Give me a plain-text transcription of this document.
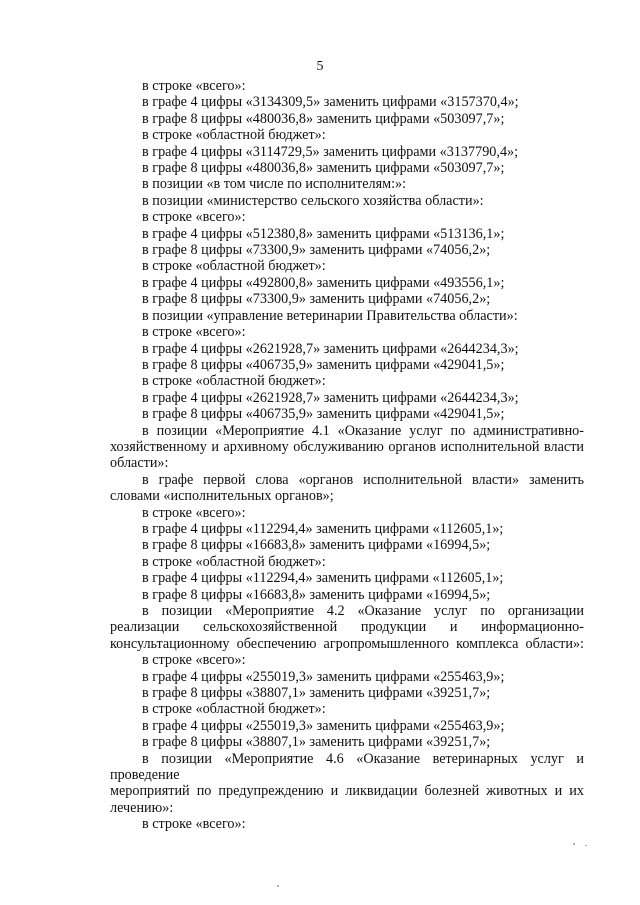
5

в строке «всего»:

в графе 4 цифры «3134309,5» заменить цифрами «3157370,4»;

в графе 8 цифры «480036,8» заменить цифрами «503097,7»;

в строке «областной бюджет»:

в графе 4 цифры «3114729,5» заменить цифрами «3137790,4»;

в графе 8 цифры «480036,8» заменить цифрами «503097,7»;

в позиции «в том числе по исполнителям:»:

в позиции «министерство сельского хозяйства области»:

в строке «всего»:

в графе 4 цифры «512380,8» заменить цифрами «513136,1»;

в графе 8 цифры «73300,9» заменить цифрами «74056,2»;

в строке «областной бюджет»:

в графе 4 цифры «492800,8» заменить цифрами «493556,1»;

в графе 8 цифры «73300,9» заменить цифрами «74056,2»;

в позиции «управление ветеринарии Правительства области»:

в строке «всего»:

в графе 4 цифры «2621928,7» заменить цифрами «2644234,3»;

в графе 8 цифры «406735,9» заменить цифрами «429041,5»;

в строке «областной бюджет»:

в графе 4 цифры «2621928,7» заменить цифрами «2644234,3»;

в графе 8 цифры «406735,9» заменить цифрами «429041,5»;

в позиции «Мероприятие 4.1 «Оказание услуг по административно-

хозяйственному и архивному обслуживанию органов исполнительной власти

области»:

в графе первой слова «органов исполнительной власти» заменить

словами «исполнительных органов»;

в строке «всего»:

в графе 4 цифры «112294,4» заменить цифрами «112605,1»;

в графе 8 цифры «16683,8» заменить цифрами «16994,5»;

в строке «областной бюджет»:

в графе 4 цифры «112294,4» заменить цифрами «112605,1»;

в графе 8 цифры «16683,8» заменить цифрами «16994,5»;

в позиции «Мероприятие 4.2 «Оказание услуг по организации

реализации сельскохозяйственной продукции и информационно-

консультационному обеспечению агропромышленного комплекса области»:

в строке «всего»:

в графе 4 цифры «255019,3» заменить цифрами «255463,9»;

в графе 8 цифры «38807,1» заменить цифрами «39251,7»;

в строке «областной бюджет»:

в графе 4 цифры «255019,3» заменить цифрами «255463,9»;

в графе 8 цифры «38807,1» заменить цифрами «39251,7»;

в позиции «Мероприятие 4.6 «Оказание ветеринарных услуг и проведение

мероприятий по предупреждению и ликвидации болезней животных и их

лечению»:

в строке «всего»:
